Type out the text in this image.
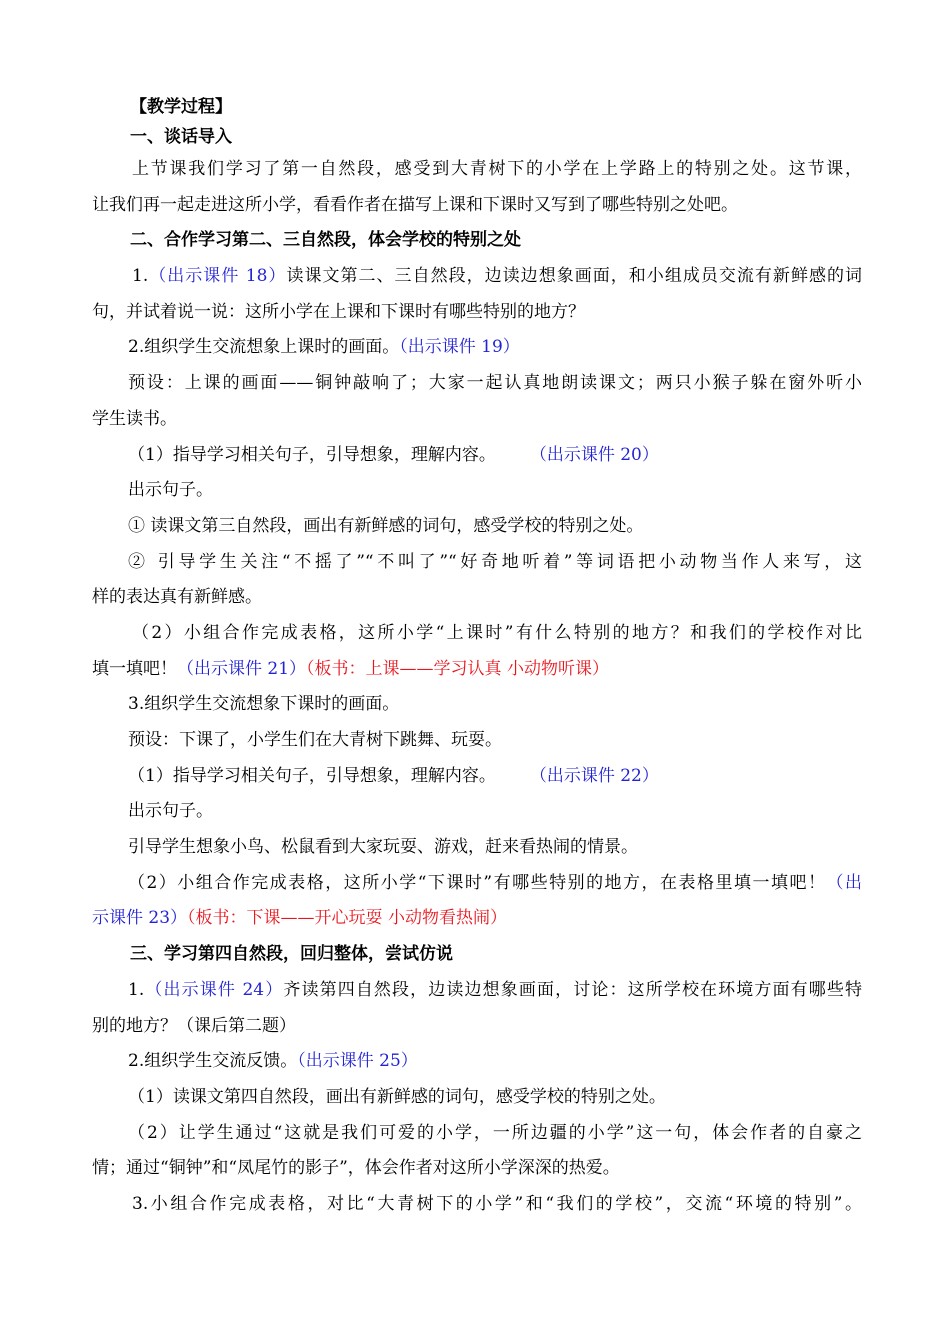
【教学过程】
一、谈话导入
上节课我们学习了第一自然段，感受到大青树下的小学在上学路上的特别之处。这节课，
让我们再一起走进这所小学，看看作者在描写上课和下课时又写到了哪些特别之处吧。
二、合作学习第二、三自然段，体会学校的特别之处
1.（出示课件 18）读课文第二、三自然段，边读边想象画面，和小组成员交流有新鲜感的词
句，并试着说一说：这所小学在上课和下课时有哪些特别的地方？
2.组织学生交流想象上课时的画面。（出示课件 19）
预设：上课的画面——铜钟敲响了；大家一起认真地朗读课文；两只小猴子躲在窗外听小
学生读书。
（1）指导学习相关句子，引导想象，理解内容。 （出示课件 20）
出示句子。
① 读课文第三自然段，画出有新鲜感的词句，感受学校的特别之处。
② 引导学生关注“不摇了”“不叫了”“好奇地听着”等词语把小动物当作人来写，这
样的表达真有新鲜感。
（2）小组合作完成表格，这所小学“上课时”有什么特别的地方？和我们的学校作对比
填一填吧！（出示课件 21）（板书：上课——学习认真 小动物听课）
3.组织学生交流想象下课时的画面。
预设：下课了，小学生们在大青树下跳舞、玩耍。
（1）指导学习相关句子，引导想象，理解内容。 （出示课件 22）
出示句子。
引导学生想象小鸟、松鼠看到大家玩耍、游戏，赶来看热闹的情景。
（2）小组合作完成表格，这所小学“下课时”有哪些特别的地方，在表格里填一填吧！（出
示课件 23）（板书：下课——开心玩耍 小动物看热闹）
三、学习第四自然段，回归整体，尝试仿说
1.（出示课件 24）齐读第四自然段，边读边想象画面，讨论：这所学校在环境方面有哪些特
别的地方？（课后第二题）
2.组织学生交流反馈。（出示课件 25）
（1）读课文第四自然段，画出有新鲜感的词句，感受学校的特别之处。
（2）让学生通过“这就是我们可爱的小学，一所边疆的小学”这一句，体会作者的自豪之
情；通过“铜钟”和“凤尾竹的影子”，体会作者对这所小学深深的热爱。
3.小组合作完成表格，对比“大青树下的小学”和“我们的学校”，交流“环境的特别”。
